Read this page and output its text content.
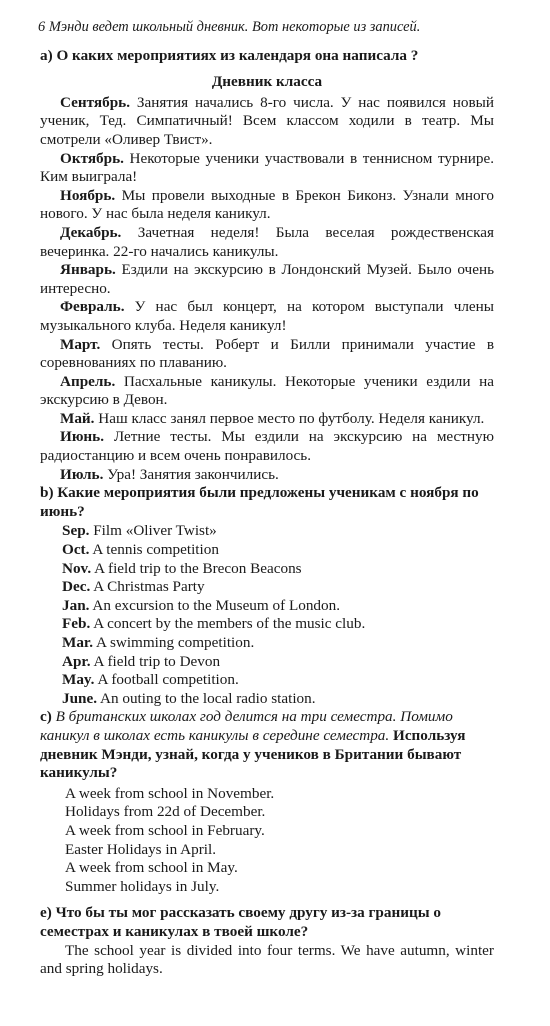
6 Мэнди ведет школьный дневник. Вот некоторые из записей.

a) О каких мероприятиях из календаря она написала ?

Дневник класса

Сентябрь. Занятия начались 8-го числа. У нас появился новый ученик, Тед. Симпатичный! Всем классом ходили в театр. Мы смотрели «Оливер Твист».

Октябрь. Некоторые ученики участвовали в теннисном турнире. Ким выиграла!

Ноябрь. Мы провели выходные в Брекон Биконз. Узнали много нового. У нас была неделя каникул.

Декабрь. Зачетная неделя! Была веселая рождественская вечеринка. 22-го начались каникулы.

Январь. Ездили на экскурсию в Лондонский Музей. Было очень интересно.

Февраль. У нас был концерт, на котором выступали члены музыкального клуба. Неделя каникул!

Март. Опять тесты. Роберт и Билли принимали участие в соревнованиях по плаванию.

Апрель. Пасхальные каникулы. Некоторые ученики ездили на экскурсию в Девон.

Май. Наш класс занял первое место по футболу. Неделя каникул.

Июнь. Летние тесты. Мы ездили на экскурсию на местную радиостанцию и всем очень понравилось.

Июль. Ура! Занятия закончились.

b) Какие мероприятия были предложены ученикам с ноября по июнь?

Sep. Film «Oliver Twist»
Oct. A tennis competition
Nov. A field trip to the Brecon Beacons
Dec. A Christmas Party
Jan. An excursion to the Museum of London.
Feb. A concert by the members of the music club.
Mar. A swimming competition.
Apr. A field trip to Devon
May. A football competition.
June. An outing to the local radio station.

c) В британских школах год делится на три семестра. Помимо каникул в школах есть каникулы в середине семестра. Используя дневник Мэнди, узнай, когда у учеников в Британии бывают каникулы?

A week from school in November.
Holidays from 22d of December.
A week from school in February.
Easter Holidays in April.
A week from school in May.
Summer holidays in July.

e) Что бы ты мог рассказать своему другу из-за границы о семестрах и каникулах в твоей школе?

The school year is divided into four terms. We have autumn, winter and spring holidays.
